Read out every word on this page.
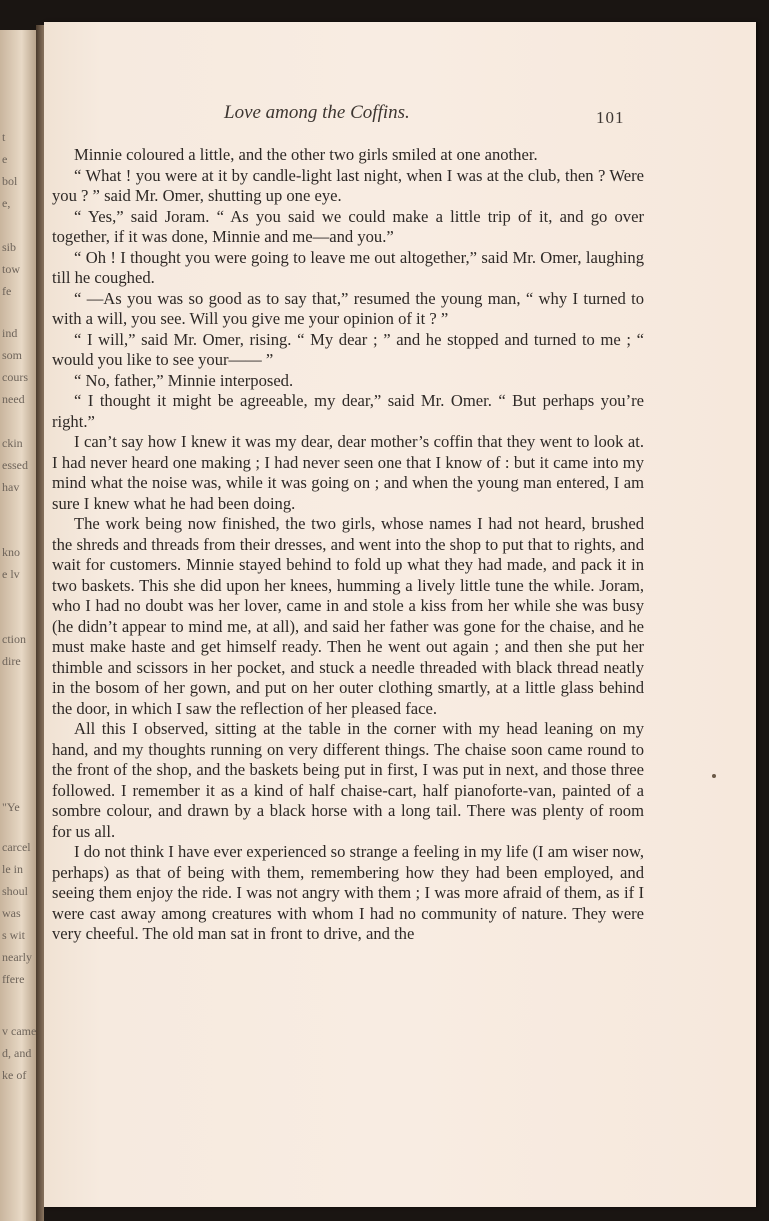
t
e
bol
e,
sib
tow
fe
ind
som
cours
need
ckin
essed
hav
kno
e lv
ction
dire
"Ye
carcel
le in
shoul
was
s wit
nearly
ffere
v came
d, and
ke of
Love among the Coffins.	101

Minnie coloured a little, and the other two girls smiled at one another.

“ What ! you were at it by candle-light last night, when I was at the club, then ? Were you ? ” said Mr. Omer, shutting up one eye.

“ Yes,” said Joram. “ As you said we could make a little trip of it, and go over together, if it was done, Minnie and me—and you.”

“ Oh ! I thought you were going to leave me out altogether,” said Mr. Omer, laughing till he coughed.

“ —As you was so good as to say that,” resumed the young man, “ why I turned to with a will, you see. Will you give me your opinion of it ? ”

“ I will,” said Mr. Omer, rising. “ My dear ; ” and he stopped and turned to me ; “ would you like to see your—— ”

“ No, father,” Minnie interposed.

“ I thought it might be agreeable, my dear,” said Mr. Omer. “ But perhaps you’re right.”

I can’t say how I knew it was my dear, dear mother’s coffin that they went to look at. I had never heard one making ; I had never seen one that I know of : but it came into my mind what the noise was, while it was going on ; and when the young man entered, I am sure I knew what he had been doing.

The work being now finished, the two girls, whose names I had not heard, brushed the shreds and threads from their dresses, and went into the shop to put that to rights, and wait for customers. Minnie stayed behind to fold up what they had made, and pack it in two baskets. This she did upon her knees, humming a lively little tune the while. Joram, who I had no doubt was her lover, came in and stole a kiss from her while she was busy (he didn’t appear to mind me, at all), and said her father was gone for the chaise, and he must make haste and get himself ready. Then he went out again ; and then she put her thimble and scissors in her pocket, and stuck a needle threaded with black thread neatly in the bosom of her gown, and put on her outer clothing smartly, at a little glass behind the door, in which I saw the reflection of her pleased face.

All this I observed, sitting at the table in the corner with my head leaning on my hand, and my thoughts running on very different things. The chaise soon came round to the front of the shop, and the baskets being put in first, I was put in next, and those three followed. I remember it as a kind of half chaise-cart, half pianoforte-van, painted of a sombre colour, and drawn by a black horse with a long tail. There was plenty of room for us all.

I do not think I have ever experienced so strange a feeling in my life (I am wiser now, perhaps) as that of being with them, remembering how they had been employed, and seeing them enjoy the ride. I was not angry with them ; I was more afraid of them, as if I were cast away among creatures with whom I had no community of nature. They were very cheeful. The old man sat in front to drive, and the
